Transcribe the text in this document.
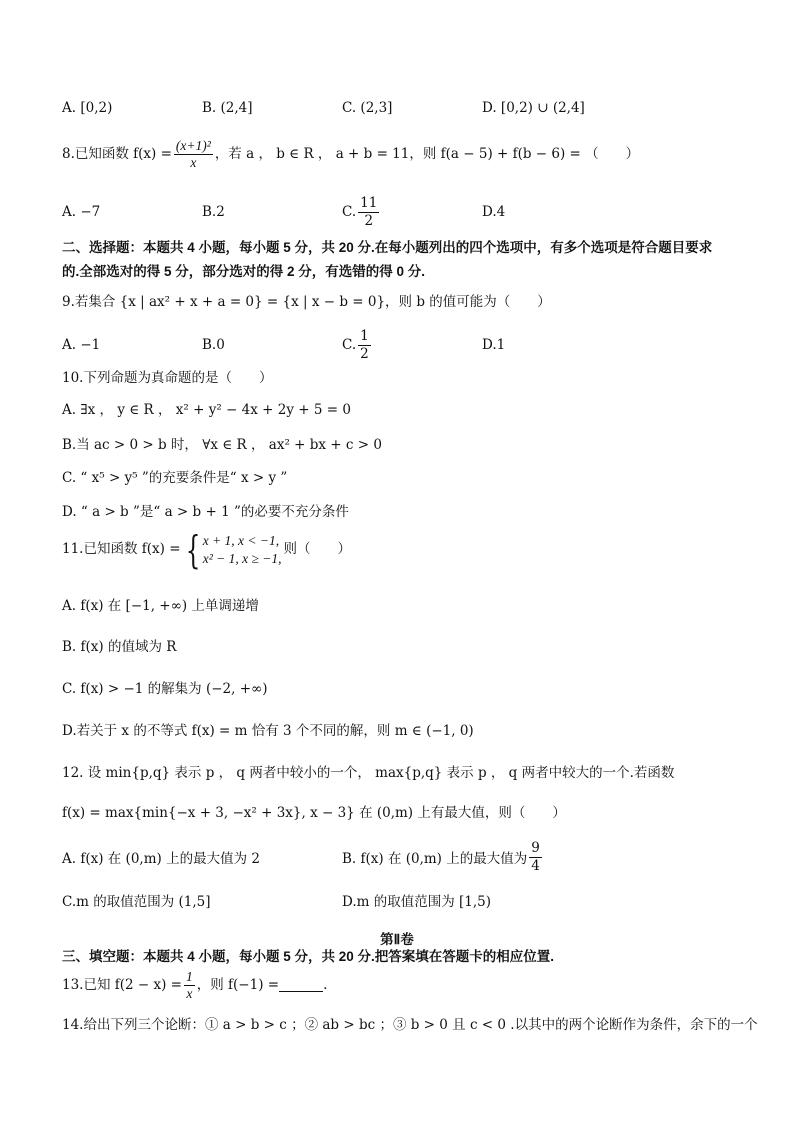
A. [0,2)	B. (2,4]	C. (2,3]	D. [0,2) ∪ (2,4]
8.已知函数 $f(x) = \frac{\text{(x+1)²}}{x}$ ，若 a ， b ∈ R ， a + b = 11，则 f(a − 5) + f(b − 6) = （　　）
A. −7	B.2	C. $\frac{11}{2}$	D.4
二、选择题：本题共 4 小题，每小题 5 分，共 20 分.在每小题列出的四个选项中，有多个选项是符合题目要求
的.全部选对的得 5 分，部分选对的得 2 分，有选错的得 0 分.
9.若集合 {x | ax² + x + a = 0} = {x | x − b = 0}，则 b 的值可能为（　　）
A. −1	B.0	C. $\frac{1}{2}$	D.1
10.下列命题为真命题的是（　　）
A. ∃x ， y ∈ R ， x² + y² − 4x + 2y + 5 = 0
B.当 ac > 0 > b 时， ∀x ∈ R ， ax² + bx + c > 0
C. “ x⁵ > y⁵ ”的充要条件是“ x > y ”
D. “ a > b ”是“ a > b + 1 ”的必要不充分条件
11.已知函数 f(x) = { x + 1, x < −1,
x² − 1, x ≥ −1,
则（　　）
A. f(x) 在 [−1, +∞) 上单调递增
B. f(x) 的值域为 R
C. f(x) > −1 的解集为 (−2, +∞)
D.若关于 x 的不等式 f(x) = m 恰有 3 个不同的解，则 m ∈ (−1, 0)
12. 设 min{p,q} 表示 p ， q 两者中较小的一个， max{p,q} 表示 p ， q 两者中较大的一个.若函数
f(x) = max{min{−x + 3, −x² + 3x}, x − 3} 在 (0,m) 上有最大值，则（　　）
A. f(x) 在 (0,m) 上的最大值为 2	B. f(x) 在 (0,m) 上的最大值为 $\frac{9}{4}$
C.m 的取值范围为 (1,5]	D.m 的取值范围为 [1,5)
第Ⅱ卷
三、填空题：本题共 4 小题，每小题 5 分，共 20 分.把答案填在答题卡的相应位置.
13.已知 $f(2 - x) = \frac{1}{x}$ ，则 f(−1) =	.
14.给出下列三个论断：① a > b > c ；② ab > bc ；③ b > 0 且 c < 0 .以其中的两个论断作为条件，余下的一个
